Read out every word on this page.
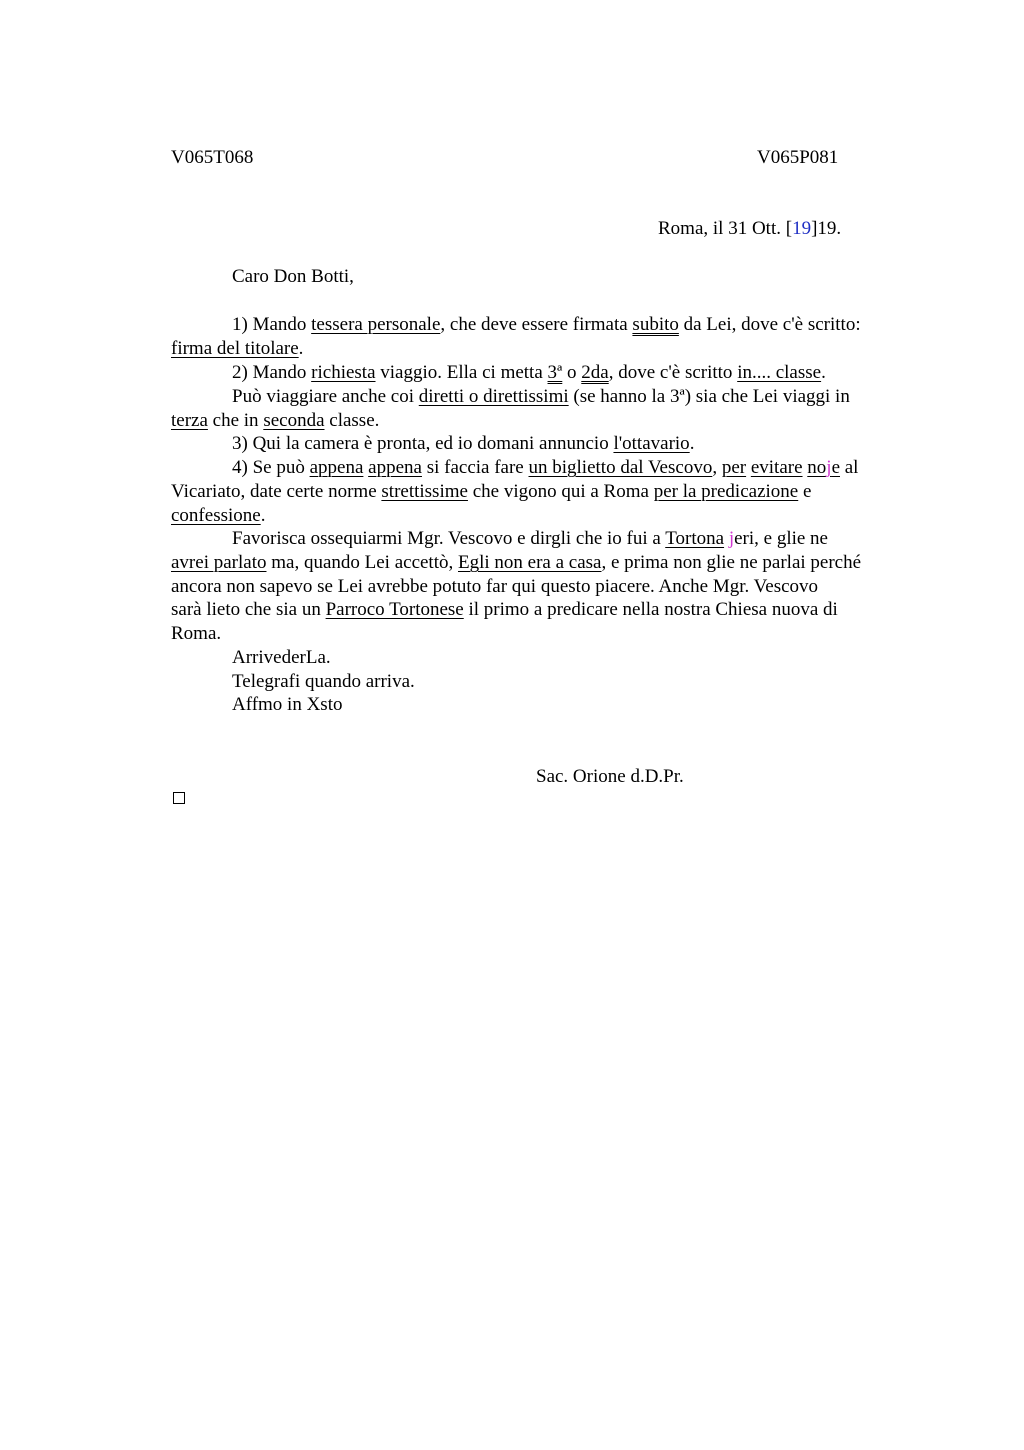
V065T068	V065P081
Roma, il 31 Ott. [19]19.
Caro Don Botti,
1) Mando tessera personale, che deve essere firmata subito da Lei, dove c'è scritto:
firma del titolare.
2) Mando richiesta viaggio. Ella ci metta 3ª o 2da, dove c'è scritto in.... classe.
Può viaggiare anche coi diretti o direttissimi (se hanno la 3ª) sia che Lei viaggi in
terza che in seconda classe.
3) Qui la camera è pronta, ed io domani annuncio l'ottavario.
4) Se può appena appena si faccia fare un biglietto dal Vescovo, per evitare noje al
Vicariato, date certe norme strettissime che vigono qui a Roma per la predicazione e
confessione.
Favorisca ossequiarmi Mgr. Vescovo e dirgli che io fui a Tortona jeri, e glie ne
avrei parlato ma, quando Lei accettò, Egli non era a casa, e prima non glie ne parlai perché
ancora non sapevo se Lei avrebbe potuto far qui questo piacere. Anche Mgr. Vescovo
sarà lieto che sia un Parroco Tortonese il primo a predicare nella nostra Chiesa nuova di
Roma.
ArrivederLa.
Telegrafi quando arriva.
Affmo in Xsto
Sac. Orione d.D.Pr.
